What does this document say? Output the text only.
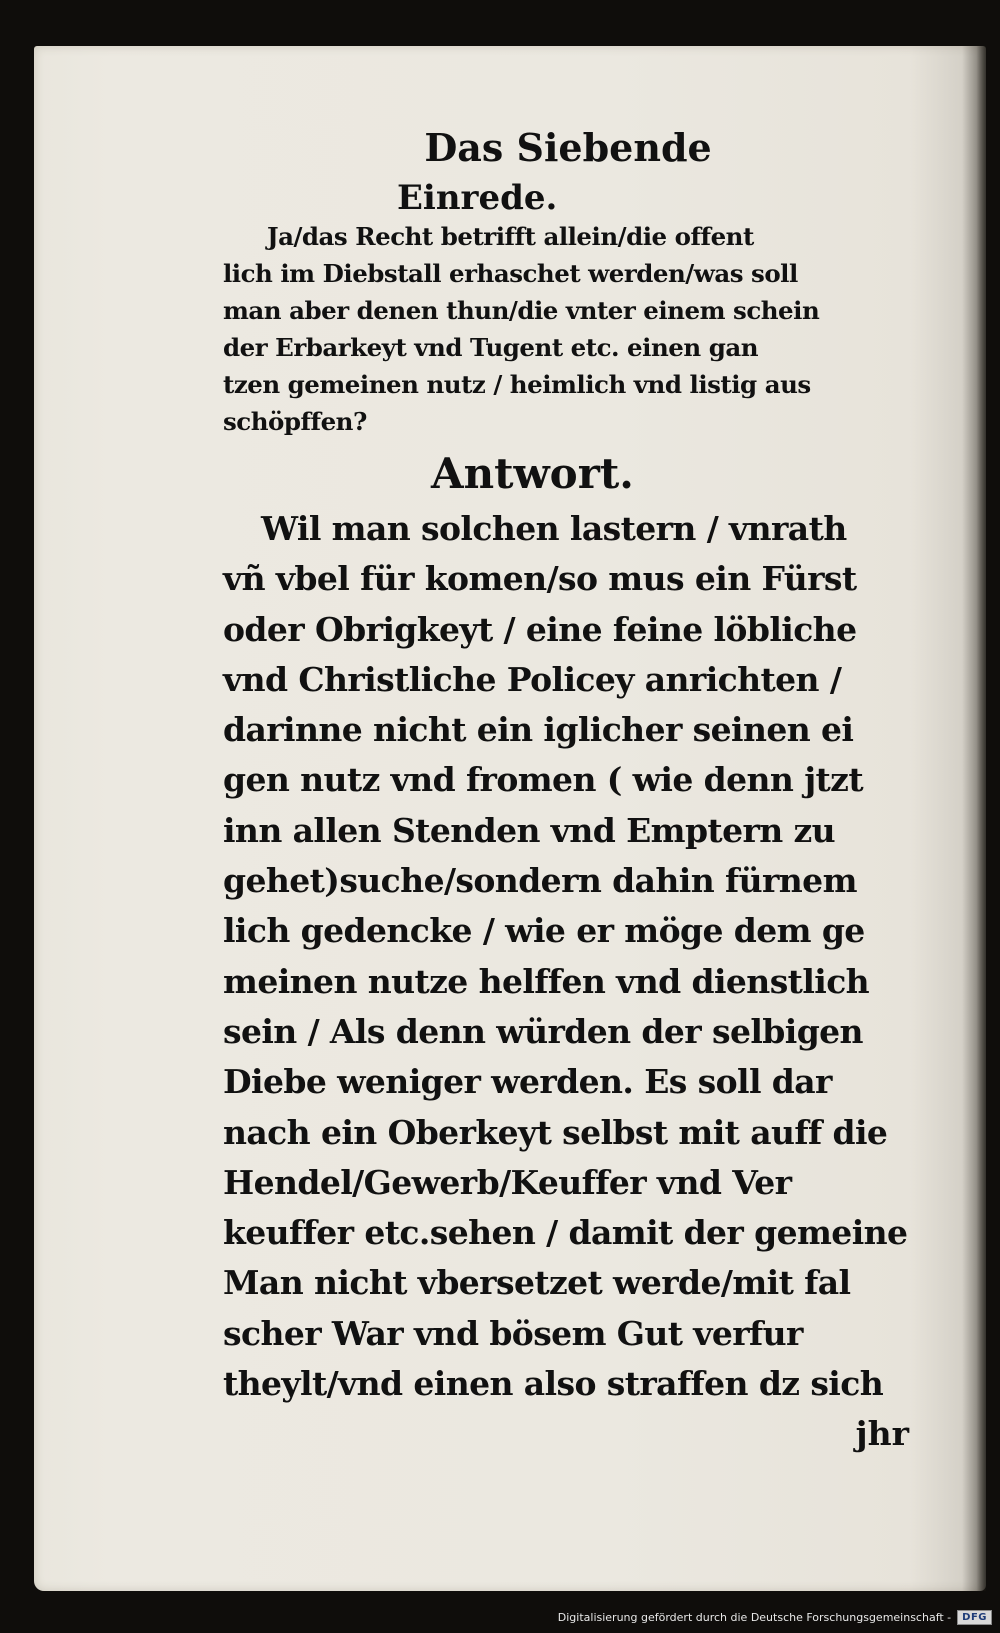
Das Siebende
Einrede.
Ja/das Recht betrifft allein/die offent
lich im Diebstall erhaschet werden/was soll
man aber denen thun/die vnter einem schein
der Erbarkeyt vnd Tugent etc. einen gan
tzen gemeinen nutz / heimlich vnd listig aus
schöpffen?
Antwort.
Wil man solchen lastern / vnrath
vñ vbel für komen/so mus ein Fürst
oder Obrigkeyt / eine feine löbliche
vnd Christliche Policey anrichten /
darinne nicht ein iglicher seinen ei
gen nutz vnd fromen ( wie denn jtzt
inn allen Stenden vnd Emptern zu
gehet)suche/sondern dahin fürnem
lich gedencke / wie er möge dem ge
meinen nutze helffen vnd dienstlich
sein / Als denn würden der selbigen
Diebe weniger werden. Es soll dar
nach ein Oberkeyt selbst mit auff die
Hendel/Gewerb/Keuffer vnd Ver
keuffer etc.sehen / damit der gemeine
Man nicht vbersetzet werde/mit fal
scher War vnd bösem Gut verfur
theylt/vnd einen also straffen dz sich
jhr
Digitalisierung gefördert durch die Deutsche Forschungsgemeinschaft -	DFG
